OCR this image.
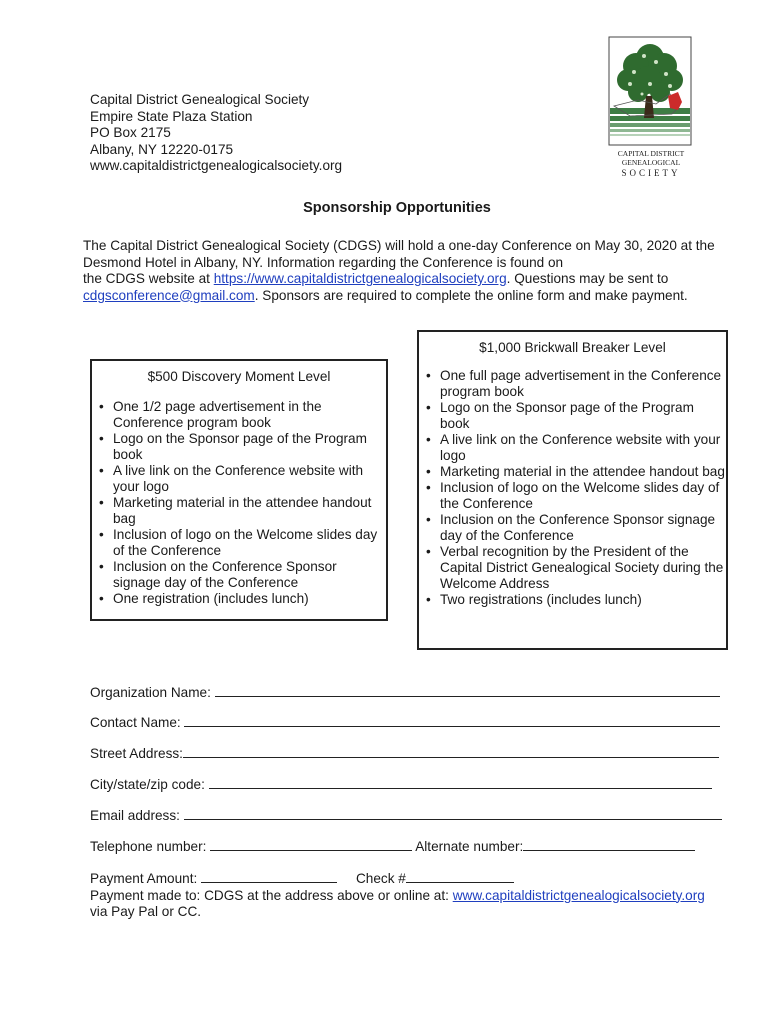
Capital District Genealogical Society
Empire State Plaza Station
PO Box 2175
Albany, NY 12220-0175
www.capitaldistrictgenealogicalsociety.org
CAPITAL DISTRICT
GENEALOGICAL
SOCIETY
Sponsorship Opportunities
The Capital District Genealogical Society (CDGS) will hold a one-day Conference on May 30, 2020 at the
Desmond Hotel in Albany, NY. Information regarding the Conference is found on
the CDGS website at https://www.capitaldistrictgenealogicalsociety.org. Questions may be sent to
cdgsconference@gmail.com. Sponsors are required to complete the online form and make payment.
$500 Discovery Moment Level
• One 1/2 page advertisement in the Conference program book
• Logo on the Sponsor page of the Program book
• A live link on the Conference website with your logo
• Marketing material in the attendee handout bag
• Inclusion of logo on the Welcome slides day of the Conference
• Inclusion on the Conference Sponsor signage day of the Conference
• One registration (includes lunch)
$1,000 Brickwall Breaker Level
• One full page advertisement in the Conference program book
• Logo on the Sponsor page of the Program book
• A live link on the Conference website with your logo
• Marketing material in the attendee handout bag
• Inclusion of logo on the Welcome slides day of the Conference
• Inclusion on the Conference Sponsor signage day of the Conference
• Verbal recognition by the President of the Capital District Genealogical Society during the Welcome Address
• Two registrations (includes lunch)
Organization Name:
Contact Name:
Street Address:
City/state/zip code:
Email address:
Telephone number:	Alternate number:
Payment Amount:	Check #
Payment made to: CDGS at the address above or online at: www.capitaldistrictgenealogicalsociety.org
via Pay Pal or CC.
